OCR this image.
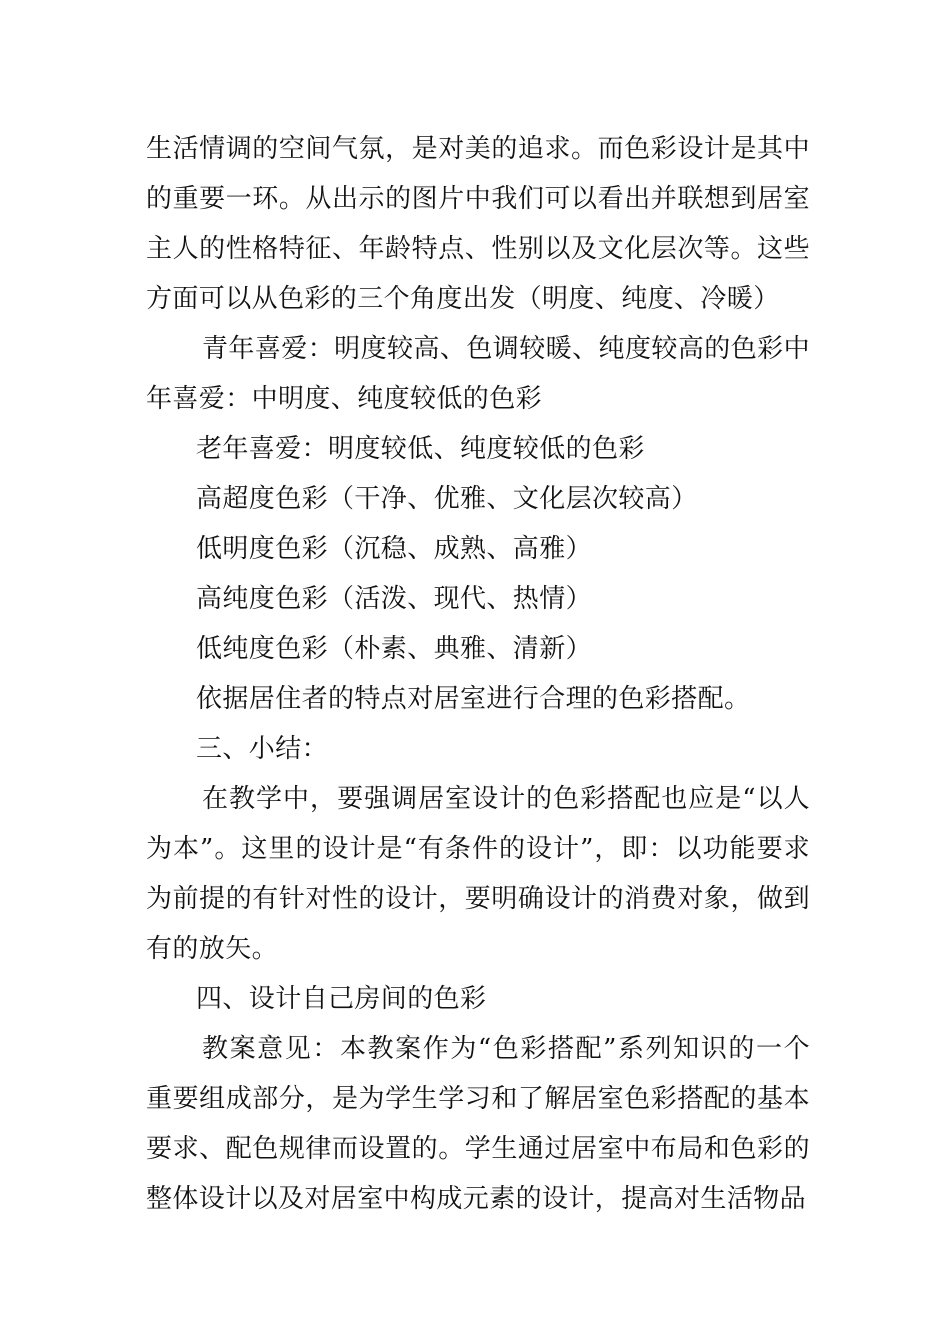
生活情调的空间气氛，是对美的追求。而色彩设计是其中的重要一环。从出示的图片中我们可以看出并联想到居室主人的性格特征、年龄特点、性别以及文化层次等。这些方面可以从色彩的三个角度出发（明度、纯度、冷暖）

青年喜爱：明度较高、色调较暖、纯度较高的色彩中年喜爱：中明度、纯度较低的色彩

老年喜爱：明度较低、纯度较低的色彩

高超度色彩（干净、优雅、文化层次较高）

低明度色彩（沉稳、成熟、高雅）

高纯度色彩（活泼、现代、热情）

低纯度色彩（朴素、典雅、清新）

依据居住者的特点对居室进行合理的色彩搭配。

三、小结：

在教学中，要强调居室设计的色彩搭配也应是“以人为本”。这里的设计是“有条件的设计”，即：以功能要求为前提的有针对性的设计，要明确设计的消费对象，做到有的放矢。

四、设计自己房间的色彩

教案意见：本教案作为“色彩搭配”系列知识的一个重要组成部分，是为学生学习和了解居室色彩搭配的基本要求、配色规律而设置的。学生通过居室中布局和色彩的整体设计以及对居室中构成元素的设计，提高对生活物品
